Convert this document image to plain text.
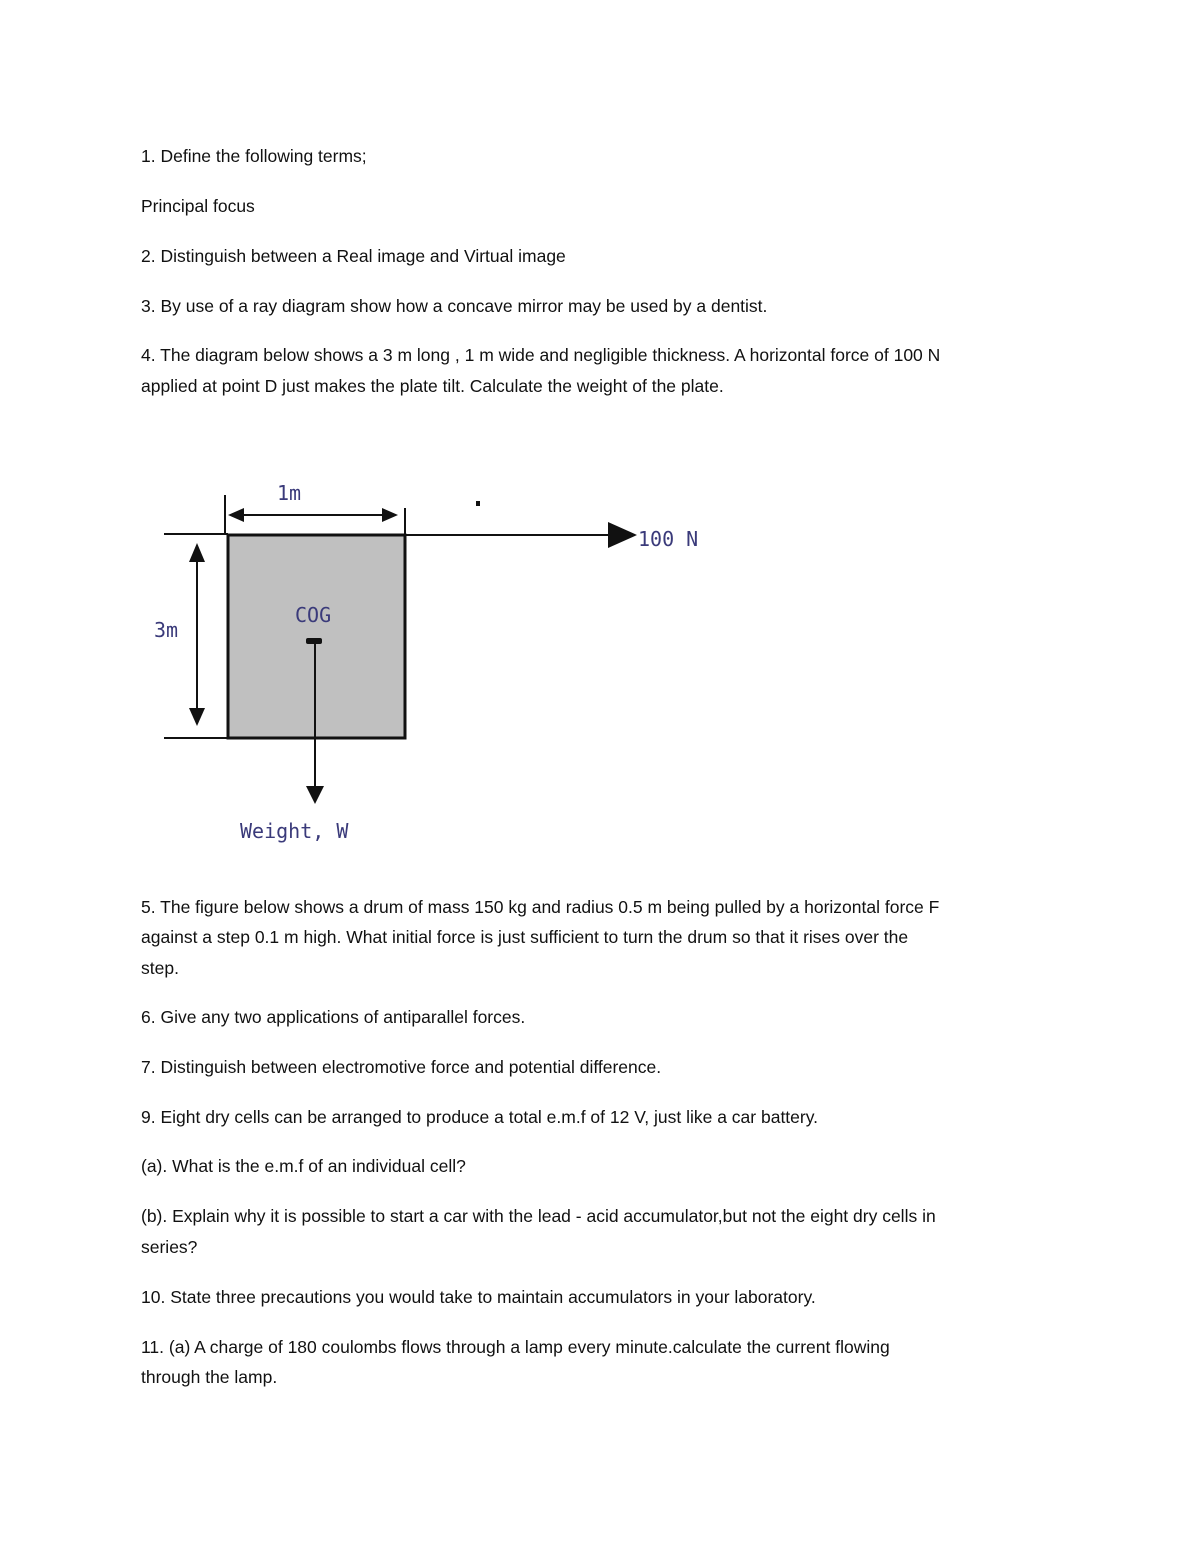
1. Define the following terms;
Principal focus
2. Distinguish between a Real image and Virtual image
3. By use of a ray diagram show how a concave mirror may be used by a dentist.
4. The diagram below shows a 3 m long , 1 m wide and negligible thickness. A horizontal force of 100 N
applied at point D just makes the plate tilt. Calculate the weight of the plate.
1m
3m
100 N
COG
Weight, W
5. The figure below shows a drum of mass 150 kg and radius 0.5 m being pulled by a horizontal force F
against a step 0.1 m high. What initial force is just sufficient to turn the drum so that it rises over the
step.
6. Give any two applications of antiparallel forces.
7. Distinguish between electromotive force and potential difference.
9. Eight dry cells can be arranged to produce a total e.m.f of 12 V, just like a car battery.
(a). What is the e.m.f of an individual cell?
(b). Explain why it is possible to start a car with the lead - acid accumulator,but not the eight dry cells in
series?
10. State three precautions you would take to maintain accumulators in your laboratory.
11. (a) A charge of 180 coulombs flows through a lamp every minute.calculate the current flowing
through the lamp.
